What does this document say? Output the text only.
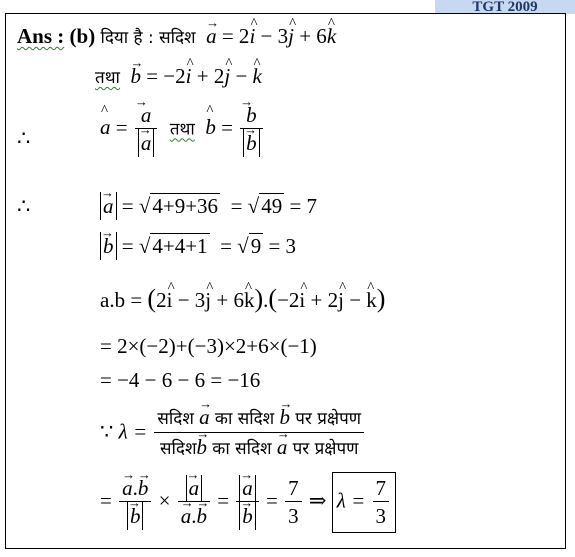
TGT 2009
Ans : (b) दिया है : सदिश → a = 2^ i − 3^ j + 6^ k
तथा → b = −2^ i + 2^ j − ^ k
∴	^ a = → a
→ a तथा ^ b = → b
→ b
∴	→ a = √4+9+36  = √49 = 7
→ b = √4+4+1  = √9 = 3
a.b = (2^ i − 3^ j + 6^ k).(−2^ i + 2^ j − ^ k)
= 2×(−2)+(−3)×2+6×(−1)
= −4 − 6 − 6 = −16
∵ $\lambda = \frac{\text{सदिश → a का सदिश → b पर प्रक्षेपण}}{\text{सदिश→ b का सदिश → a पर प्रक्षेपण}}$
= → a.→ b
→ b × → a
→ a.→ b = → a
→ $b = \frac{7}{3}$ ⇒ $\lambda = \frac{7}{3}$
